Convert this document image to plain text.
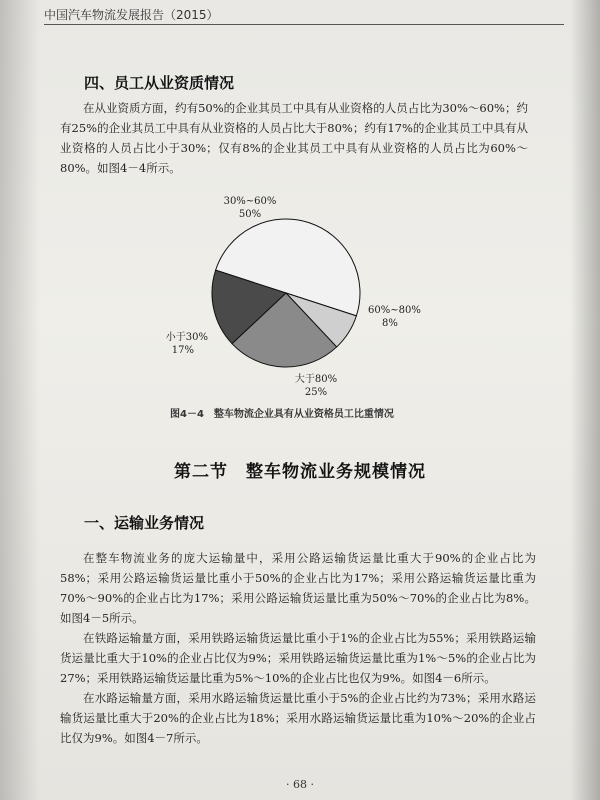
中国汽车物流发展报告（2015）
四、员工从业资质情况

在从业资质方面，约有50%的企业其员工中具有从业资格的人员占比为30%～60%；约有25%的企业其员工中具有从业资格的人员占比大于80%；约有17%的企业其员工中具有从业资格的人员占比小于30%；仅有8%的企业其员工中具有从业资格的人员占比为60%～80%。如图4－4所示。

30%~60%
50%
60%~80%
8%
大于80%
25%
小于30%
17%
图4－4　整车物流企业具有从业资格员工比重情况
第二节　整车物流业务规模情况
一、运输业务情况

在整车物流业务的庞大运输量中，采用公路运输货运量比重大于90%的企业占比为58%；采用公路运输货运量比重小于50%的企业占比为17%；采用公路运输货运量比重为70%～90%的企业占比为17%；采用公路运输货运量比重为50%～70%的企业占比为8%。如图4－5所示。

在铁路运输量方面，采用铁路运输货运量比重小于1%的企业占比为55%；采用铁路运输货运量比重大于10%的企业占比仅为9%；采用铁路运输货运量比重为1%～5%的企业占比为27%；采用铁路运输货运量比重为5%～10%的企业占比也仅为9%。如图4－6所示。

在水路运输量方面，采用水路运输货运量比重小于5%的企业占比约为73%；采用水路运输货运量比重大于20%的企业占比为18%；采用水路运输货运量比重为10%～20%的企业占比仅为9%。如图4－7所示。

· 68 ·
